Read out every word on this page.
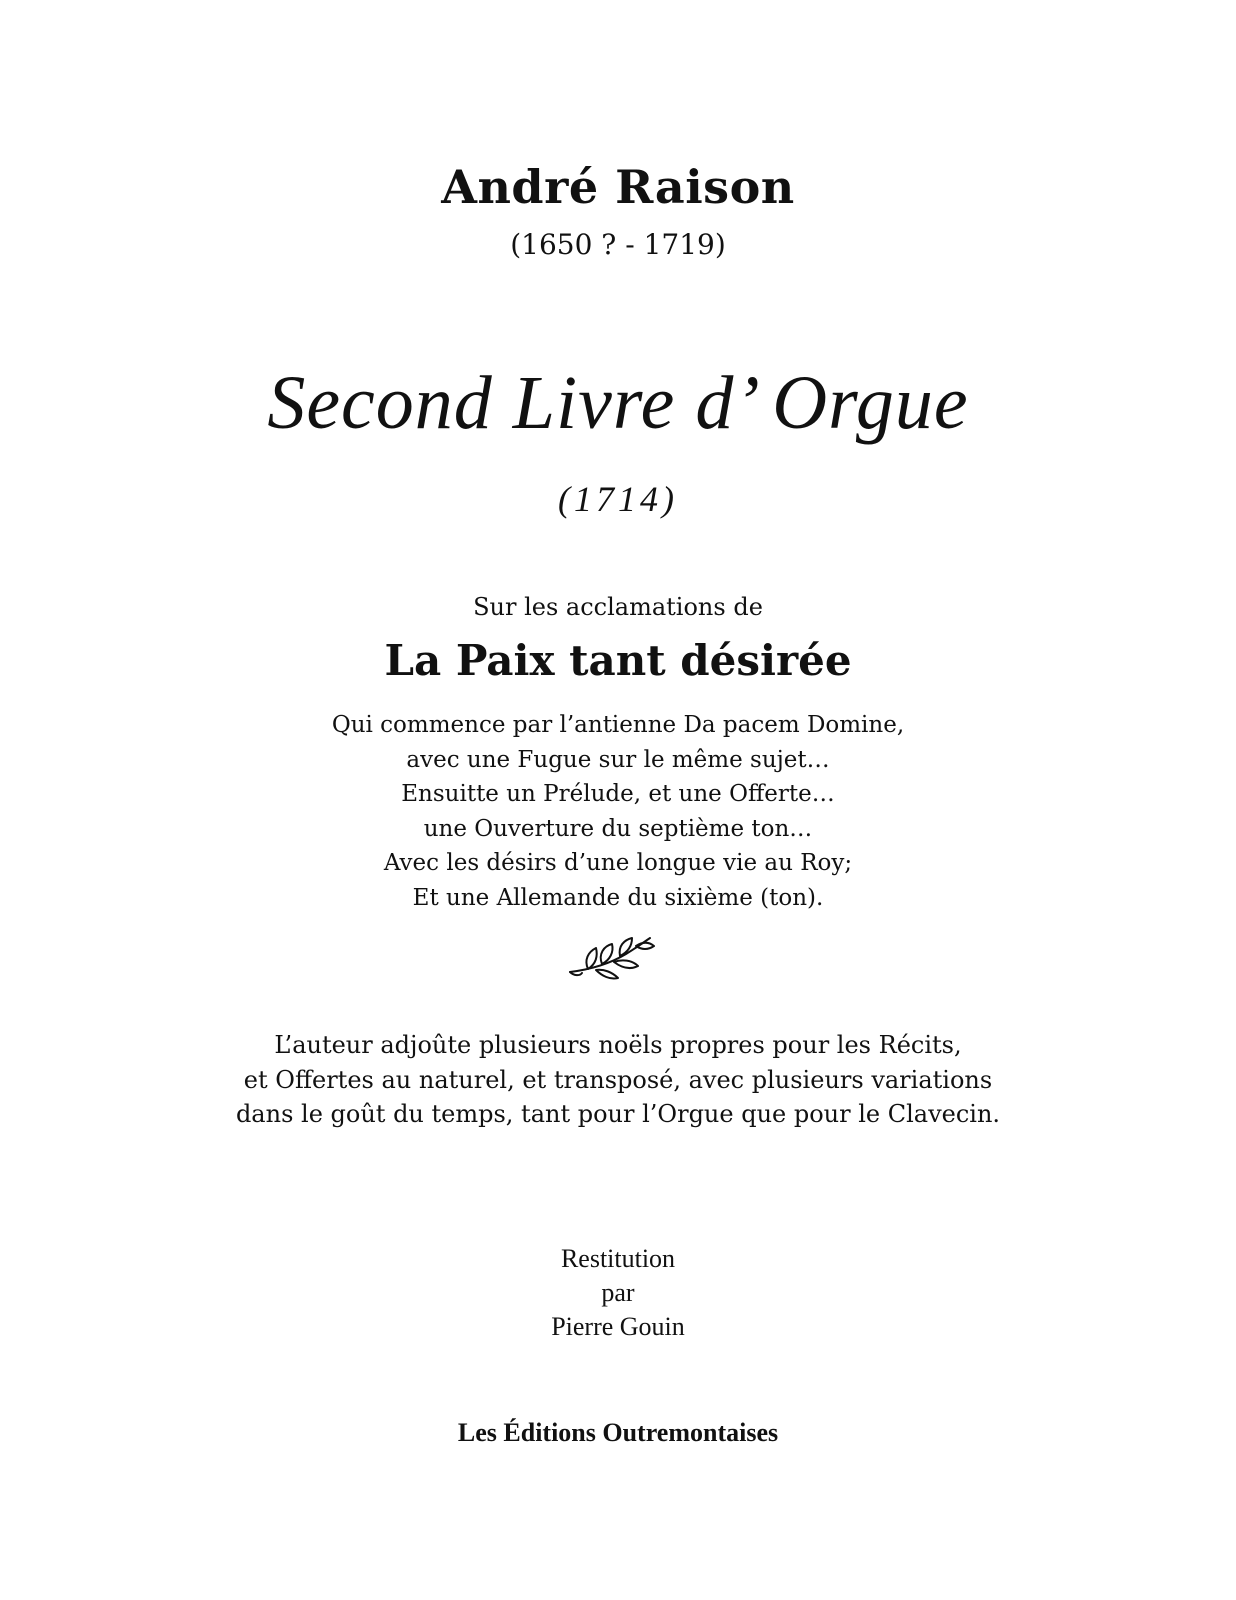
André Raison
(1650 ? - 1719)
Second Livre d’ Orgue
(1714)
Sur les acclamations de
La Paix tant désirée
Qui commence par l’antienne Da pacem Domine,
avec une Fugue sur le même sujet…
Ensuitte un Prélude, et une Offerte…
une Ouverture du septième ton…
Avec les désirs d’une longue vie au Roy;
Et une Allemande du sixième (ton).
L’auteur adjoûte plusieurs noëls propres pour les Récits,
et Offertes au naturel, et transposé, avec plusieurs variations
dans le goût du temps, tant pour l’Orgue que pour le Clavecin.
Restitution
par
Pierre Gouin
Les Éditions Outremontaises
